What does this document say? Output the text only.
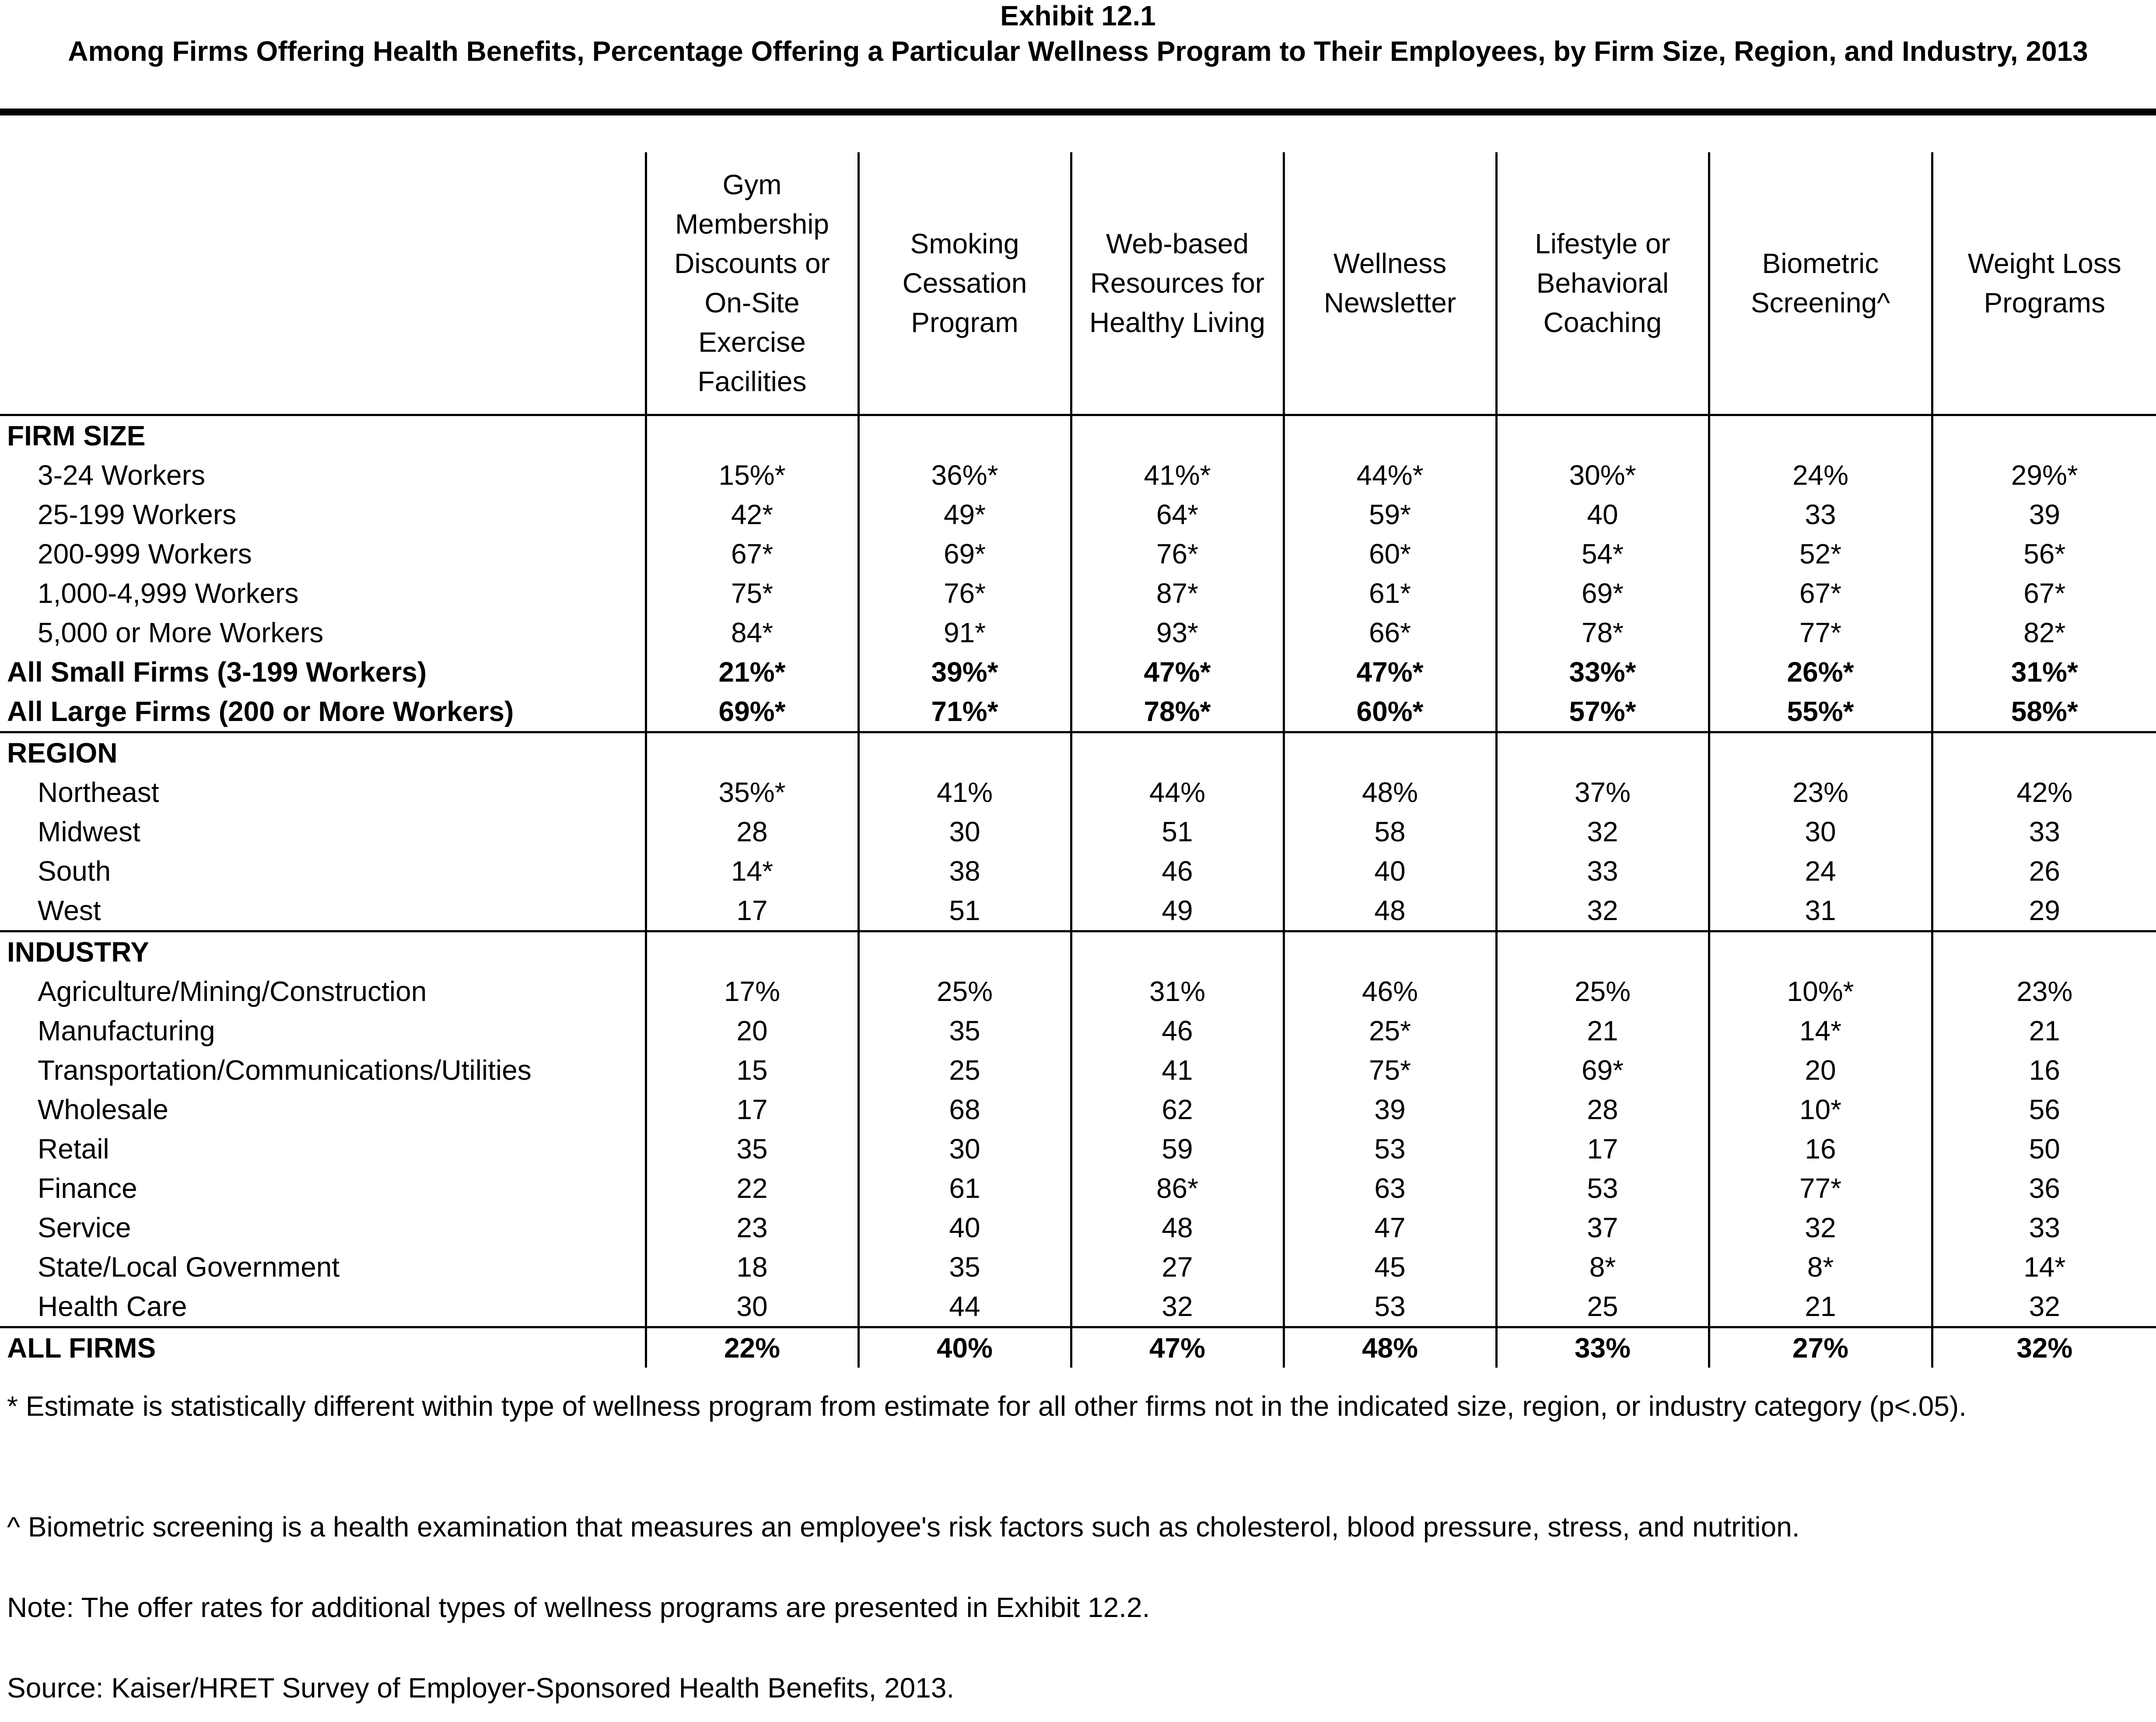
Exhibit 12.1
Among Firms Offering Health Benefits, Percentage Offering a Particular Wellness Program to Their Employees, by Firm Size, Region, and Industry, 2013
	Gym Membership Discounts or On-Site Exercise Facilities	Smoking Cessation Program	Web-based Resources for Healthy Living	Wellness Newsletter	Lifestyle or Behavioral Coaching	Biometric Screening^	Weight Loss Programs
FIRM SIZE							
3-24 Workers	15%*	36%*	41%*	44%*	30%*	24%	29%*
25-199 Workers	42*	49*	64*	59*	40	33	39
200-999 Workers	67*	69*	76*	60*	54*	52*	56*
1,000-4,999 Workers	75*	76*	87*	61*	69*	67*	67*
5,000 or More Workers	84*	91*	93*	66*	78*	77*	82*
All Small Firms (3-199 Workers)	21%*	39%*	47%*	47%*	33%*	26%*	31%*
All Large Firms (200 or More Workers)	69%*	71%*	78%*	60%*	57%*	55%*	58%*
REGION							
Northeast	35%*	41%	44%	48%	37%	23%	42%
Midwest	28	30	51	58	32	30	33
South	14*	38	46	40	33	24	26
West	17	51	49	48	32	31	29
INDUSTRY							
Agriculture/Mining/Construction	17%	25%	31%	46%	25%	10%*	23%
Manufacturing	20	35	46	25*	21	14*	21
Transportation/Communications/Utilities	15	25	41	75*	69*	20	16
Wholesale	17	68	62	39	28	10*	56
Retail	35	30	59	53	17	16	50
Finance	22	61	86*	63	53	77*	36
Service	23	40	48	47	37	32	33
State/Local Government	18	35	27	45	8*	8*	14*
Health Care	30	44	32	53	25	21	32
ALL FIRMS	22%	40%	47%	48%	33%	27%	32%

* Estimate is statistically different within type of wellness program from estimate for all other firms not in the indicated size, region, or industry category (p<.05).

^ Biometric screening is a health examination that measures an employee's risk factors such as cholesterol, blood pressure, stress, and nutrition.

Note: The offer rates for additional types of wellness programs are presented in Exhibit 12.2.

Source: Kaiser/HRET Survey of Employer-Sponsored Health Benefits, 2013.
